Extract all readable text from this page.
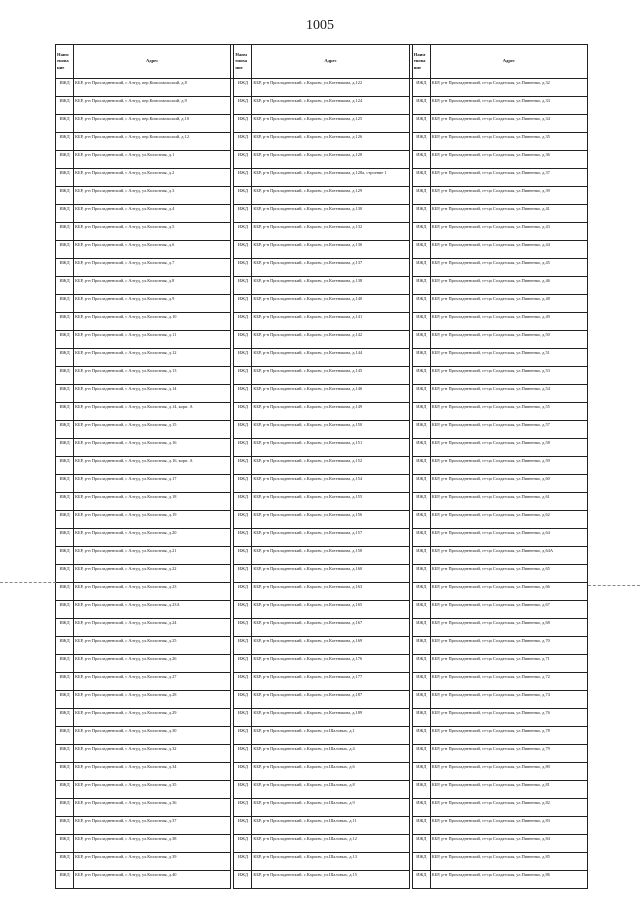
1005
Наим енова ние	Адрес		Наим енова ние	Адрес		Наим енова ние	Адрес
ИЖД	КБР, р-н Прохладненский, с Алтуд, пер.Комсомольский, д.8		ИЖД	КБР, р-н Прохладненский, с.Карагач, ул.Котенакова, д.122		ИЖД	КБР, р-н Прохладненский, ст-ца Солдатская, ул.Пивненко, д.32
ИЖД	КБР, р-н Прохладненский, с Алтуд, пер.Комсомольский, д.9		ИЖД	КБР, р-н Прохладненский, с.Карагач, ул.Котенакова, д.124		ИЖД	КБР, р-н Прохладненский, ст-ца Солдатская, ул.Пивненко, д.33
ИЖД	КБР, р-н Прохладненский, с Алтуд, пер.Комсомольский, д.10		ИЖД	КБР, р-н Прохладненский, с.Карагач, ул.Котенакова, д.125		ИЖД	КБР, р-н Прохладненский, ст-ца Солдатская, ул.Пивненко, д.34
ИЖД	КБР, р-н Прохладненский, с Алтуд, пер.Комсомольский, д.12		ИЖД	КБР, р-н Прохладненский, с.Карагач, ул.Котенакова, д.126		ИЖД	КБР, р-н Прохладненский, ст-ца Солдатская, ул.Пивненко, д.35
ИЖД	КБР, р-н Прохладненский, с Алтуд, ул.Колхозная, д.1		ИЖД	КБР, р-н Прохладненский, с.Карагач, ул.Котенакова, д.128		ИЖД	КБР, р-н Прохладненский, ст-ца Солдатская, ул.Пивненко, д.36
ИЖД	КБР, р-н Прохладненский, с Алтуд, ул.Колхозная, д.2		ИЖД	КБР, р-н Прохладненский, с.Карагач, ул.Котенакова, д.128а, строение 1		ИЖД	КБР, р-н Прохладненский, ст-ца Солдатская, ул.Пивненко, д.37
ИЖД	КБР, р-н Прохладненский, с Алтуд, ул.Колхозная, д.3		ИЖД	КБР, р-н Прохладненский, с.Карагач, ул.Котенакова, д.129		ИЖД	КБР, р-н Прохладненский, ст-ца Солдатская, ул.Пивненко, д.39
ИЖД	КБР, р-н Прохладненский, с Алтуд, ул.Колхозная, д.4		ИЖД	КБР, р-н Прохладненский, с.Карагач, ул.Котенакова, д.130		ИЖД	КБР, р-н Прохладненский, ст-ца Солдатская, ул.Пивненко, д.41
ИЖД	КБР, р-н Прохладненский, с Алтуд, ул.Колхозная, д.5		ИЖД	КБР, р-н Прохладненский, с.Карагач, ул.Котенакова, д.132		ИЖД	КБР, р-н Прохладненский, ст-ца Солдатская, ул.Пивненко, д.43
ИЖД	КБР, р-н Прохладненский, с Алтуд, ул.Колхозная, д.6		ИЖД	КБР, р-н Прохладненский, с.Карагач, ул.Котенакова, д.136		ИЖД	КБР, р-н Прохладненский, ст-ца Солдатская, ул.Пивненко, д.44
ИЖД	КБР, р-н Прохладненский, с Алтуд, ул.Колхозная, д.7		ИЖД	КБР, р-н Прохладненский, с.Карагач, ул.Котенакова, д.137		ИЖД	КБР, р-н Прохладненский, ст-ца Солдатская, ул.Пивненко, д.45
ИЖД	КБР, р-н Прохладненский, с Алтуд, ул.Колхозная, д.8		ИЖД	КБР, р-н Прохладненский, с.Карагач, ул.Котенакова, д.138		ИЖД	КБР, р-н Прохладненский, ст-ца Солдатская, ул.Пивненко, д.46
ИЖД	КБР, р-н Прохладненский, с Алтуд, ул.Колхозная, д.9		ИЖД	КБР, р-н Прохладненский, с.Карагач, ул.Котенакова, д.140		ИЖД	КБР, р-н Прохладненский, ст-ца Солдатская, ул.Пивненко, д.48
ИЖД	КБР, р-н Прохладненский, с Алтуд, ул.Колхозная, д.10		ИЖД	КБР, р-н Прохладненский, с.Карагач, ул.Котенакова, д.141		ИЖД	КБР, р-н Прохладненский, ст-ца Солдатская, ул.Пивненко, д.49
ИЖД	КБР, р-н Прохладненский, с Алтуд, ул.Колхозная, д.11		ИЖД	КБР, р-н Прохладненский, с.Карагач, ул.Котенакова, д.142		ИЖД	КБР, р-н Прохладненский, ст-ца Солдатская, ул.Пивненко, д.50
ИЖД	КБР, р-н Прохладненский, с Алтуд, ул.Колхозная, д.12		ИЖД	КБР, р-н Прохладненский, с.Карагач, ул.Котенакова, д.144		ИЖД	КБР, р-н Прохладненский, ст-ца Солдатская, ул.Пивненко, д.51
ИЖД	КБР, р-н Прохладненский, с Алтуд, ул.Колхозная, д.13		ИЖД	КБР, р-н Прохладненский, с.Карагач, ул.Котенакова, д.145		ИЖД	КБР, р-н Прохладненский, ст-ца Солдатская, ул.Пивненко, д.53
ИЖД	КБР, р-н Прохладненский, с Алтуд, ул.Колхозная, д.14		ИЖД	КБР, р-н Прохладненский, с.Карагач, ул.Котенакова, д.146		ИЖД	КБР, р-н Прохладненский, ст-ца Солдатская, ул.Пивненко, д.54
ИЖД	КБР, р-н Прохладненский, с Алтуд, ул.Колхозная, д.14, корп. А		ИЖД	КБР, р-н Прохладненский, с.Карагач, ул.Котенакова, д.149		ИЖД	КБР, р-н Прохладненский, ст-ца Солдатская, ул.Пивненко, д.55
ИЖД	КБР, р-н Прохладненский, с Алтуд, ул.Колхозная, д.15		ИЖД	КБР, р-н Прохладненский, с.Карагач, ул.Котенакова, д.150		ИЖД	КБР, р-н Прохладненский, ст-ца Солдатская, ул.Пивненко, д.57
ИЖД	КБР, р-н Прохладненский, с Алтуд, ул.Колхозная, д.16		ИЖД	КБР, р-н Прохладненский, с.Карагач, ул.Котенакова, д.151		ИЖД	КБР, р-н Прохладненский, ст-ца Солдатская, ул.Пивненко, д.58
ИЖД	КБР, р-н Прохладненский, с Алтуд, ул.Колхозная, д.16, корп. А		ИЖД	КБР, р-н Прохладненский, с.Карагач, ул.Котенакова, д.152		ИЖД	КБР, р-н Прохладненский, ст-ца Солдатская, ул.Пивненко, д.59
ИЖД	КБР, р-н Прохладненский, с Алтуд, ул.Колхозная, д.17		ИЖД	КБР, р-н Прохладненский, с.Карагач, ул.Котенакова, д.154		ИЖД	КБР, р-н Прохладненский, ст-ца Солдатская, ул.Пивненко, д.60
ИЖД	КБР, р-н Прохладненский, с Алтуд, ул.Колхозная, д.18		ИЖД	КБР, р-н Прохладненский, с.Карагач, ул.Котенакова, д.155		ИЖД	КБР, р-н Прохладненский, ст-ца Солдатская, ул.Пивненко, д.61
ИЖД	КБР, р-н Прохладненский, с Алтуд, ул.Колхозная, д.19		ИЖД	КБР, р-н Прохладненский, с.Карагач, ул.Котенакова, д.156		ИЖД	КБР, р-н Прохладненский, ст-ца Солдатская, ул.Пивненко, д.62
ИЖД	КБР, р-н Прохладненский, с Алтуд, ул.Колхозная, д.20		ИЖД	КБР, р-н Прохладненский, с.Карагач, ул.Котенакова, д.157		ИЖД	КБР, р-н Прохладненский, ст-ца Солдатская, ул.Пивненко, д.64
ИЖД	КБР, р-н Прохладненский, с Алтуд, ул.Колхозная, д.21		ИЖД	КБР, р-н Прохладненский, с.Карагач, ул.Котенакова, д.158		ИЖД	КБР, р-н Прохладненский, ст-ца Солдатская, ул.Пивненко, д.64А
ИЖД	КБР, р-н Прохладненский, с Алтуд, ул.Колхозная, д.22		ИЖД	КБР, р-н Прохладненский, с.Карагач, ул.Котенакова, д.160		ИЖД	КБР, р-н Прохладненский, ст-ца Солдатская, ул.Пивненко, д.65
ИЖД	КБР, р-н Прохладненский, с Алтуд, ул.Колхозная, д.23		ИЖД	КБР, р-н Прохладненский, с.Карагач, ул.Котенакова, д.163		ИЖД	КБР, р-н Прохладненский, ст-ца Солдатская, ул.Пивненко, д.66
ИЖД	КБР, р-н Прохладненский, с Алтуд, ул.Колхозная, д.23А		ИЖД	КБР, р-н Прохладненский, с.Карагач, ул.Котенакова, д.165		ИЖД	КБР, р-н Прохладненский, ст-ца Солдатская, ул.Пивненко, д.67
ИЖД	КБР, р-н Прохладненский, с Алтуд, ул.Колхозная, д.24		ИЖД	КБР, р-н Прохладненский, с.Карагач, ул.Котенакова, д.167		ИЖД	КБР, р-н Прохладненский, ст-ца Солдатская, ул.Пивненко, д.68
ИЖД	КБР, р-н Прохладненский, с Алтуд, ул.Колхозная, д.25		ИЖД	КБР, р-н Прохладненский, с.Карагач, ул.Котенакова, д.169		ИЖД	КБР, р-н Прохладненский, ст-ца Солдатская, ул.Пивненко, д.70
ИЖД	КБР, р-н Прохладненский, с Алтуд, ул.Колхозная, д.26		ИЖД	КБР, р-н Прохладненский, с.Карагач, ул.Котенакова, д.176		ИЖД	КБР, р-н Прохладненский, ст-ца Солдатская, ул.Пивненко, д.71
ИЖД	КБР, р-н Прохладненский, с Алтуд, ул.Колхозная, д.27		ИЖД	КБР, р-н Прохладненский, с.Карагач, ул.Котенакова, д.177		ИЖД	КБР, р-н Прохладненский, ст-ца Солдатская, ул.Пивненко, д.72
ИЖД	КБР, р-н Прохладненский, с Алтуд, ул.Колхозная, д.28		ИЖД	КБР, р-н Прохладненский, с.Карагач, ул.Котенакова, д.187		ИЖД	КБР, р-н Прохладненский, ст-ца Солдатская, ул.Пивненко, д.74
ИЖД	КБР, р-н Прохладненский, с Алтуд, ул.Колхозная, д.29		ИЖД	КБР, р-н Прохладненский, с.Карагач, ул.Котенакова, д.189		ИЖД	КБР, р-н Прохладненский, ст-ца Солдатская, ул.Пивненко, д.76
ИЖД	КБР, р-н Прохладненский, с Алтуд, ул.Колхозная, д.30		ИЖД	КБР, р-н Прохладненский, с.Карагач, ул.Шаловых, д.1		ИЖД	КБР, р-н Прохладненский, ст-ца Солдатская, ул.Пивненко, д.78
ИЖД	КБР, р-н Прохладненский, с Алтуд, ул.Колхозная, д.32		ИЖД	КБР, р-н Прохладненский, с.Карагач, ул.Шаловых, д.4		ИЖД	КБР, р-н Прохладненский, ст-ца Солдатская, ул.Пивненко, д.79
ИЖД	КБР, р-н Прохладненский, с Алтуд, ул.Колхозная, д.34		ИЖД	КБР, р-н Прохладненский, с.Карагач, ул.Шаловых, д.6		ИЖД	КБР, р-н Прохладненский, ст-ца Солдатская, ул.Пивненко, д.80
ИЖД	КБР, р-н Прохладненский, с Алтуд, ул.Колхозная, д.35		ИЖД	КБР, р-н Прохладненский, с.Карагач, ул.Шаловых, д.8		ИЖД	КБР, р-н Прохладненский, ст-ца Солдатская, ул.Пивненко, д.81
ИЖД	КБР, р-н Прохладненский, с Алтуд, ул.Колхозная, д.36		ИЖД	КБР, р-н Прохладненский, с.Карагач, ул.Шаловых, д.9		ИЖД	КБР, р-н Прохладненский, ст-ца Солдатская, ул.Пивненко, д.82
ИЖД	КБР, р-н Прохладненский, с Алтуд, ул.Колхозная, д.37		ИЖД	КБР, р-н Прохладненский, с.Карагач, ул.Шаловых, д.11		ИЖД	КБР, р-н Прохладненский, ст-ца Солдатская, ул.Пивненко, д.83
ИЖД	КБР, р-н Прохладненский, с Алтуд, ул.Колхозная, д.38		ИЖД	КБР, р-н Прохладненский, с.Карагач, ул.Шаловых, д.12		ИЖД	КБР, р-н Прохладненский, ст-ца Солдатская, ул.Пивненко, д.84
ИЖД	КБР, р-н Прохладненский, с Алтуд, ул.Колхозная, д.39		ИЖД	КБР, р-н Прохладненский, с.Карагач, ул.Шаловых, д.13		ИЖД	КБР, р-н Прохладненский, ст-ца Солдатская, ул.Пивненко, д.85
ИЖД	КБР, р-н Прохладненский, с Алтуд, ул.Колхозная, д.40		ИЖД	КБР, р-н Прохладненский, с.Карагач, ул.Шаловых, д.15		ИЖД	КБР, р-н Прохладненский, ст-ца Солдатская, ул.Пивненко, д.86
